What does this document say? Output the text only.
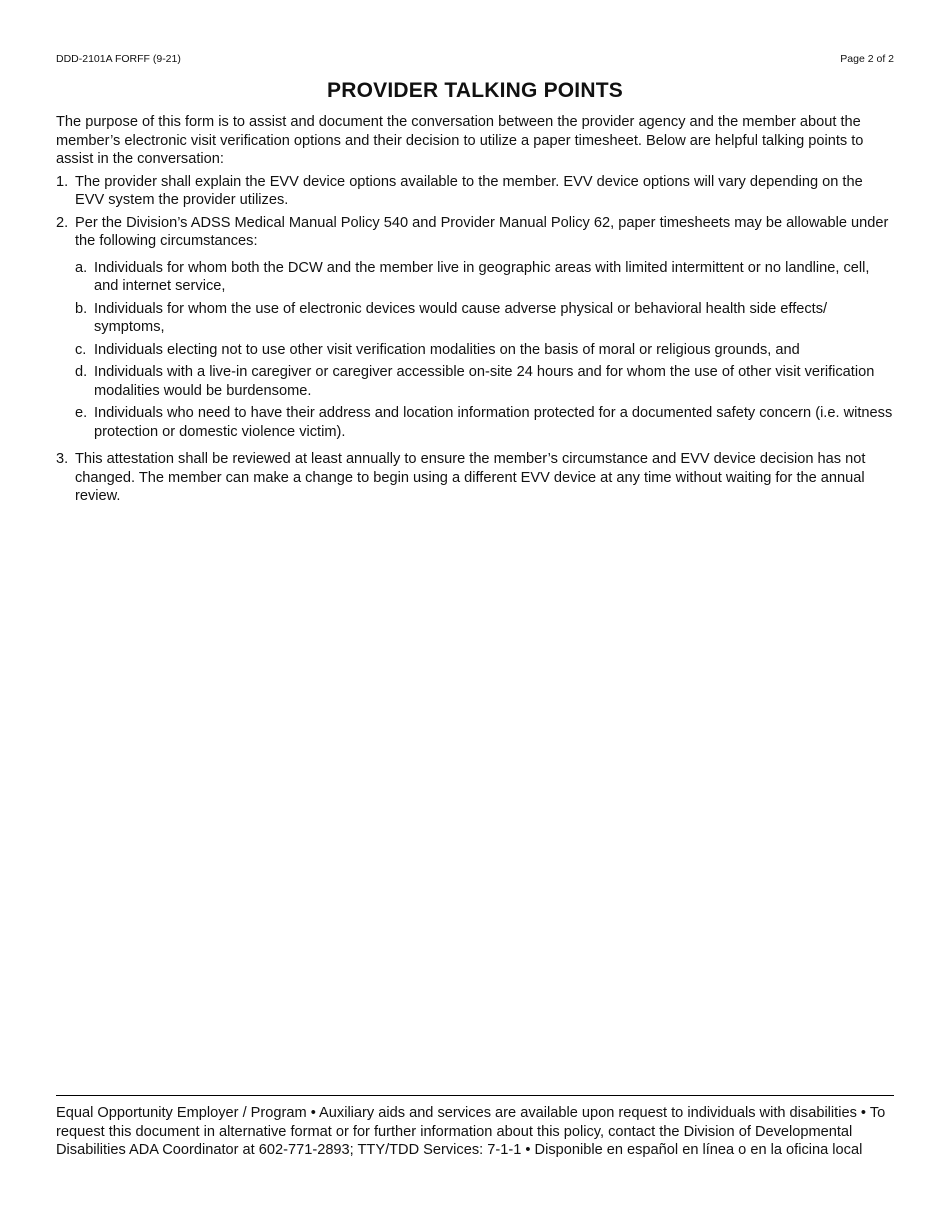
DDD-2101A FORFF (9-21)	Page 2 of 2
PROVIDER TALKING POINTS

The purpose of this form is to assist and document the conversation between the provider agency and the member about the member’s electronic visit verification options and their decision to utilize a paper timesheet. Below are helpful talking points to assist in the conversation:

1. The provider shall explain the EVV device options available to the member. EVV device options will vary depending on the EVV system the provider utilizes.
2. Per the Division’s ADSS Medical Manual Policy 540 and Provider Manual Policy 62, paper timesheets may be allowable under the following circumstances:
a. Individuals for whom both the DCW and the member live in geographic areas with limited intermittent or no landline, cell, and internet service,
b. Individuals for whom the use of electronic devices would cause adverse physical or behavioral health side effects/ symptoms,
c. Individuals electing not to use other visit verification modalities on the basis of moral or religious grounds, and
d. Individuals with a live-in caregiver or caregiver accessible on-site 24 hours and for whom the use of other visit verification modalities would be burdensome.
e. Individuals who need to have their address and location information protected for a documented safety concern (i.e. witness protection or domestic violence victim).
3. This attestation shall be reviewed at least annually to ensure the member’s circumstance and EVV device decision has not changed. The member can make a change to begin using a different EVV device at any time without waiting for the annual review.
Equal Opportunity Employer / Program • Auxiliary aids and services are available upon request to individuals with disabilities • To request this document in alternative format or for further information about this policy, contact the Division of Developmental Disabilities ADA Coordinator at 602-771-2893; TTY/TDD Services: 7-1-1 • Disponible en español en línea o en la oficina local
